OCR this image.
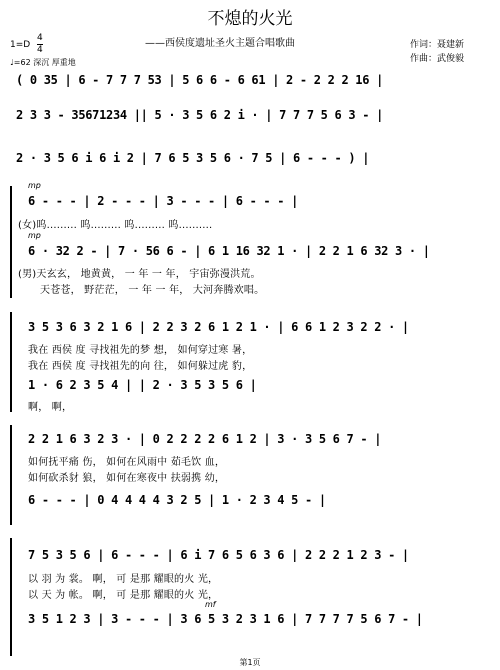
不熄的火光
——西侯度遗址圣火主题合唱歌曲	作词：聂建新
作曲：武俊毅
1=D
4
4
♩=62 深沉 厚重地
( 0 35 | 6 - 7 7 7 53 | 5 6 6 - 6 61 | 2 - 2 2 2 16 |
2 3 3 - 35671234 || 5 · 3 5 6 2 i · | 7 7 7 5 6 3 - |
2 · 3 5 6 i 6 i 2 | 7 6 5 3 5 6 · 7 5 | 6 - - - ) |
mp
6 - - - | 2 - - - | 3 - - - | 6 - - - |
(女)呜......... 呜......... 呜......... 呜..........
mp
6 · 32 2 - | 7 · 56 6 - | 6 1 16 32 1 · | 2 2 1 6 32 3 · |
(男)天玄玄， 地黄黄， 一 年 一 年， 宇宙弥漫洪荒。
天苍苍， 野茫茫， 一 年 一 年， 大河奔腾欢唱。
3 5 3 6 3 2 1 6 | 2 2 3 2 6 1 2 1 · | 6 6 1 2 3 2 2 · |
我在 西侯 度 寻找祖先的梦 想， 如何穿过寒 暑，
我在 西侯 度 寻找祖先的向 往， 如何躲过虎 豹，
1 · 6 2 3 5 4 | | 2 · 3 5 3 5 6 |
啊， 啊，
2 2 1 6 3 2 3 · | 0 2 2 2 2 6 1 2 | 3 · 3 5 6 7 - |
如何抚平痛 伤， 如何在风雨中 茹毛饮 血，
如何砍杀豺 狼， 如何在寒夜中 扶弱携 幼，
6 - - - | 0 4 4 4 4 3 2 5 | 1 · 2 3 4 5 - |
7 5 3 5 6 | 6 - - - | 6 i 7 6 5 6 3 6 | 2 2 2 1 2 3 - |
以 羽 为 裳。 啊， 可 是那 耀眼的火 光，
以 天 为 帐。 啊， 可 是那 耀眼的火 光，
mf
3 5 1 2 3 | 3 - - - | 3 6 5 3 2 3 1 6 | 7 7 7 7 5 6 7 - |
第1页
